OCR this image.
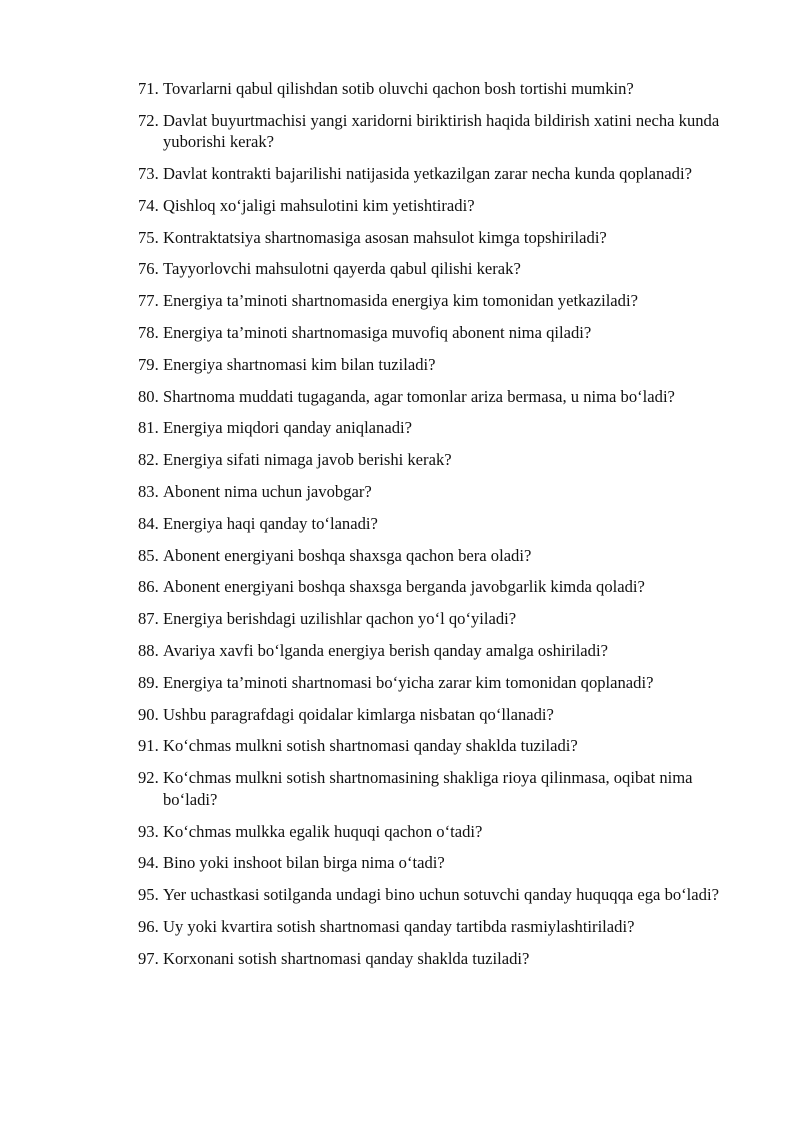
71. Tovarlarni qabul qilishdan sotib oluvchi qachon bosh tortishi mumkin?
72. Davlat buyurtmachisi yangi xaridorni biriktirish haqida bildirish xatini necha kunda yuborishi kerak?
73. Davlat kontrakti bajarilishi natijasida yetkazilgan zarar necha kunda qoplanadi?
74. Qishloq xo‘jaligi mahsulotini kim yetishtiradi?
75. Kontraktatsiya shartnomasiga asosan mahsulot kimga topshiriladi?
76. Tayyorlovchi mahsulotni qayerda qabul qilishi kerak?
77. Energiya ta’minoti shartnomasida energiya kim tomonidan yetkaziladi?
78. Energiya ta’minoti shartnomasiga muvofiq abonent nima qiladi?
79. Energiya shartnomasi kim bilan tuziladi?
80. Shartnoma muddati tugaganda, agar tomonlar ariza bermasa, u nima bo‘ladi?
81. Energiya miqdori qanday aniqlanadi?
82. Energiya sifati nimaga javob berishi kerak?
83. Abonent nima uchun javobgar?
84. Energiya haqi qanday to‘lanadi?
85. Abonent energiyani boshqa shaxsga qachon bera oladi?
86. Abonent energiyani boshqa shaxsga berganda javobgarlik kimda qoladi?
87. Energiya berishdagi uzilishlar qachon yo‘l qo‘yiladi?
88. Avariya xavfi bo‘lganda energiya berish qanday amalga oshiriladi?
89. Energiya ta’minoti shartnomasi bo‘yicha zarar kim tomonidan qoplanadi?
90. Ushbu paragrafdagi qoidalar kimlarga nisbatan qo‘llanadi?
91. Ko‘chmas mulkni sotish shartnomasi qanday shaklda tuziladi?
92. Ko‘chmas mulkni sotish shartnomasining shakliga rioya qilinmasa, oqibat nima bo‘ladi?
93. Ko‘chmas mulkka egalik huquqi qachon o‘tadi?
94. Bino yoki inshoot bilan birga nima o‘tadi?
95. Yer uchastkasi sotilganda undagi bino uchun sotuvchi qanday huquqqa ega bo‘ladi?
96. Uy yoki kvartira sotish shartnomasi qanday tartibda rasmiylashtiriladi?
97. Korxonani sotish shartnomasi qanday shaklda tuziladi?
